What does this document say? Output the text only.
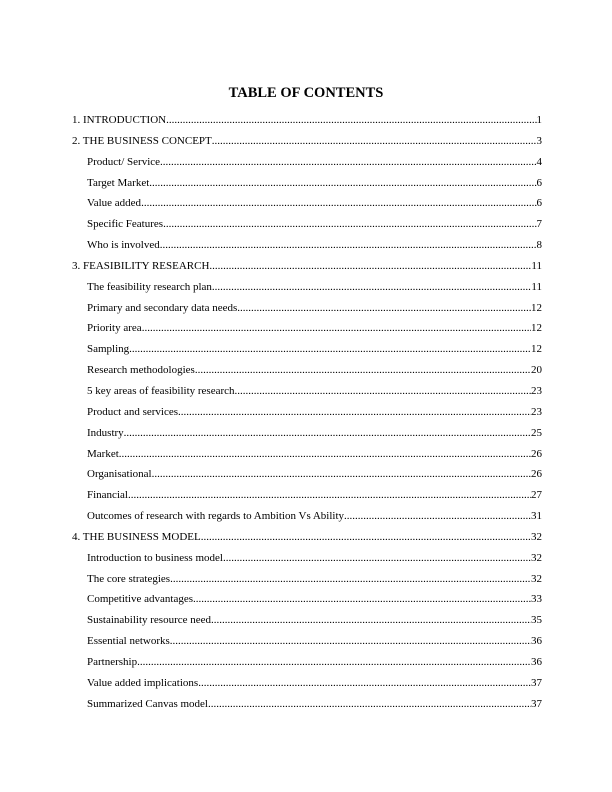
TABLE OF CONTENTS
1. INTRODUCTION .....	1
2. THE BUSINESS CONCEPT .....	3
Product/ Service .....	4
Target Market .....	6
Value added .....	6
Specific Features .....	7
Who is involved .....	8
3. FEASIBILITY RESEARCH .....	11
The feasibility research plan .....	11
Primary and secondary data needs .....	12
Priority area .....	12
Sampling .....	12
Research methodologies .....	20
5 key areas of feasibility research .....	23
Product and services .....	23
Industry .....	25
Market .....	26
Organisational .....	26
Financial .....	27
Outcomes of research with regards to Ambition Vs Ability .....	31
4. THE BUSINESS MODEL .....	32
Introduction to business model .....	32
The core strategies .....	32
Competitive advantages .....	33
Sustainability resource need .....	35
Essential networks .....	36
Partnership .....	36
Value added implications .....	37
Summarized Canvas model .....	37
